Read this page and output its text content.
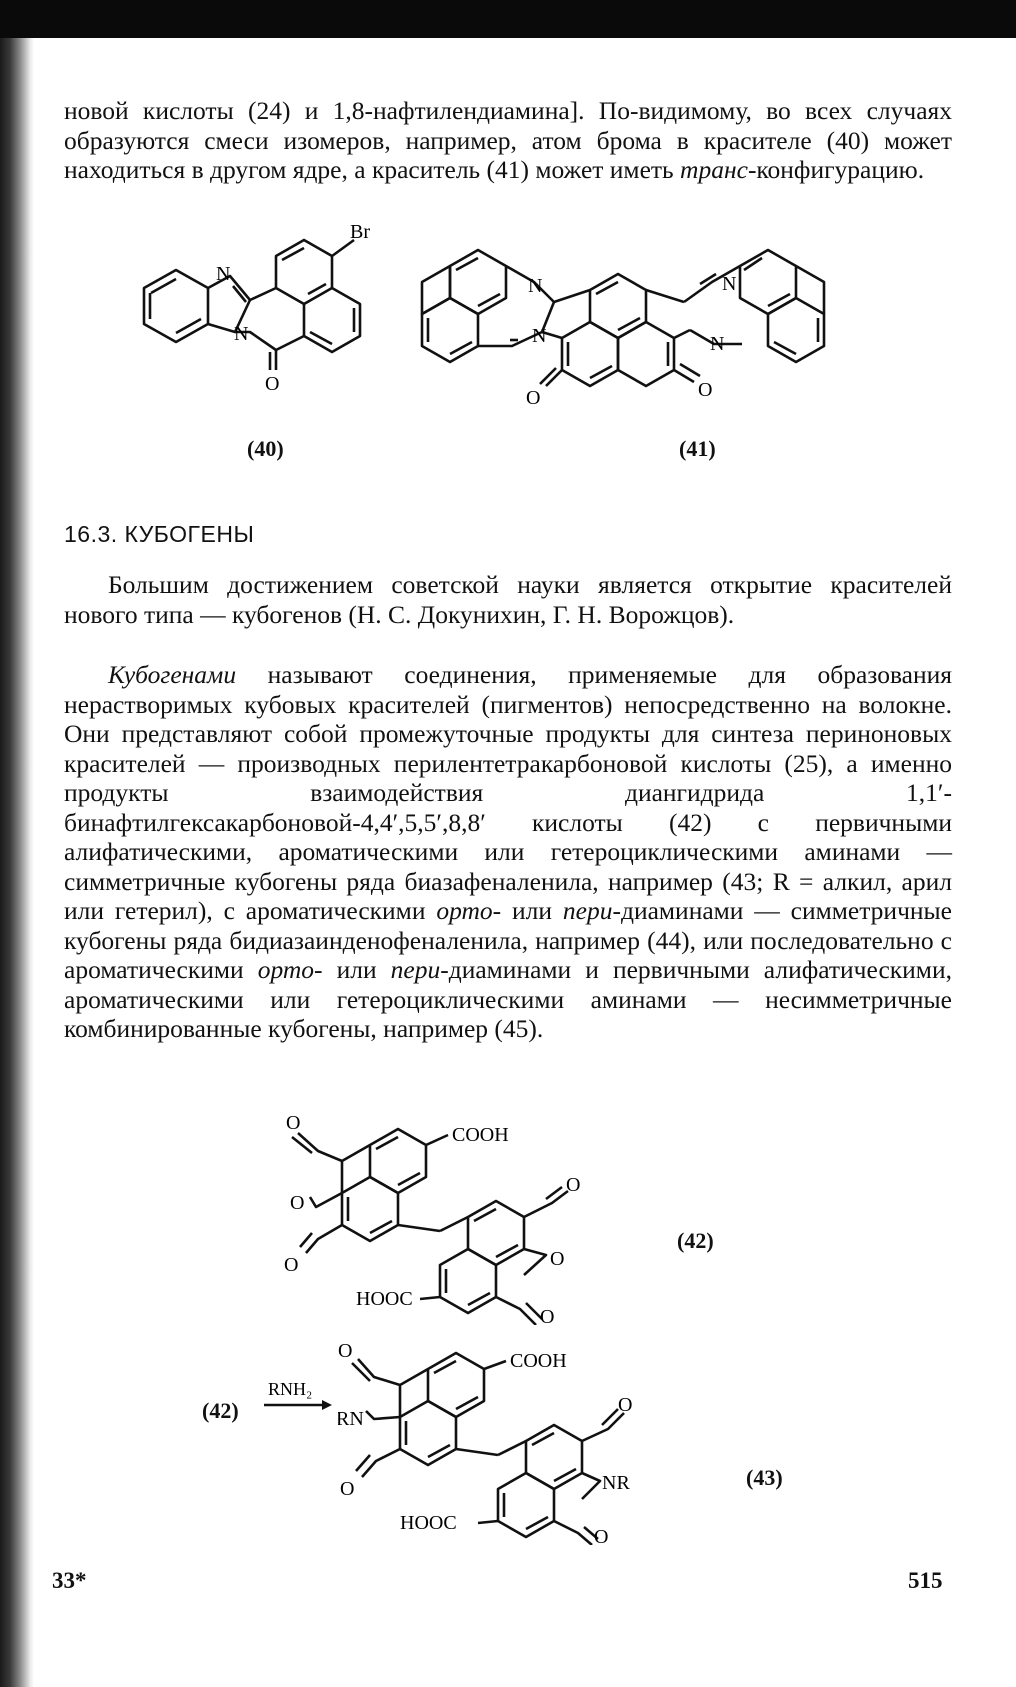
новой кислоты (24) и 1,8-нафтилендиамина]. По-видимому, во всех случаях образуются смеси изомеров, например, атом брома в красителе (40) может находиться в другом ядре, а краситель (41) может иметь транс-конфигурацию.

Br
N
N
O
N
N
N
N
O	O
(40)	(41)
16.3. КУБОГЕНЫ

Большим достижением советской науки является открытие красителей нового типа — кубогенов (Н. С. Докунихин, Г. Н. Ворожцов).

Кубогенами называют соединения, применяемые для образования нерастворимых кубовых красителей (пигментов) непосредственно на волокне. Они представляют собой промежуточные продукты для синтеза периноновых красителей — производных перилентетракарбоновой кислоты (25), а именно продукты взаимодействия диангидрида 1,1′-бинафтилгексакарбоновой-4,4′,5,5′,8,8′ кислоты (42) с первичными алифатическими, ароматическими или гетероциклическими аминами — симметричные кубогены ряда биазафеналенила, например (43; R = алкил, арил или гетерил), с ароматическими орто- или пери-диаминами — симметричные кубогены ряда бидиазаинденофеналенила, например (44), или последовательно с ароматическими орто- или пери-диаминами и первичными алифатическими, ароматическими или гетероциклическими аминами — несимметричные комбинированные кубогены, например (45).

O
O
O
COOH
O
O
HOOC
O
(42)
(42)
RNH₂
O
RN
O
COOH
O
NR
HOOC
O
(43)
33*	515
